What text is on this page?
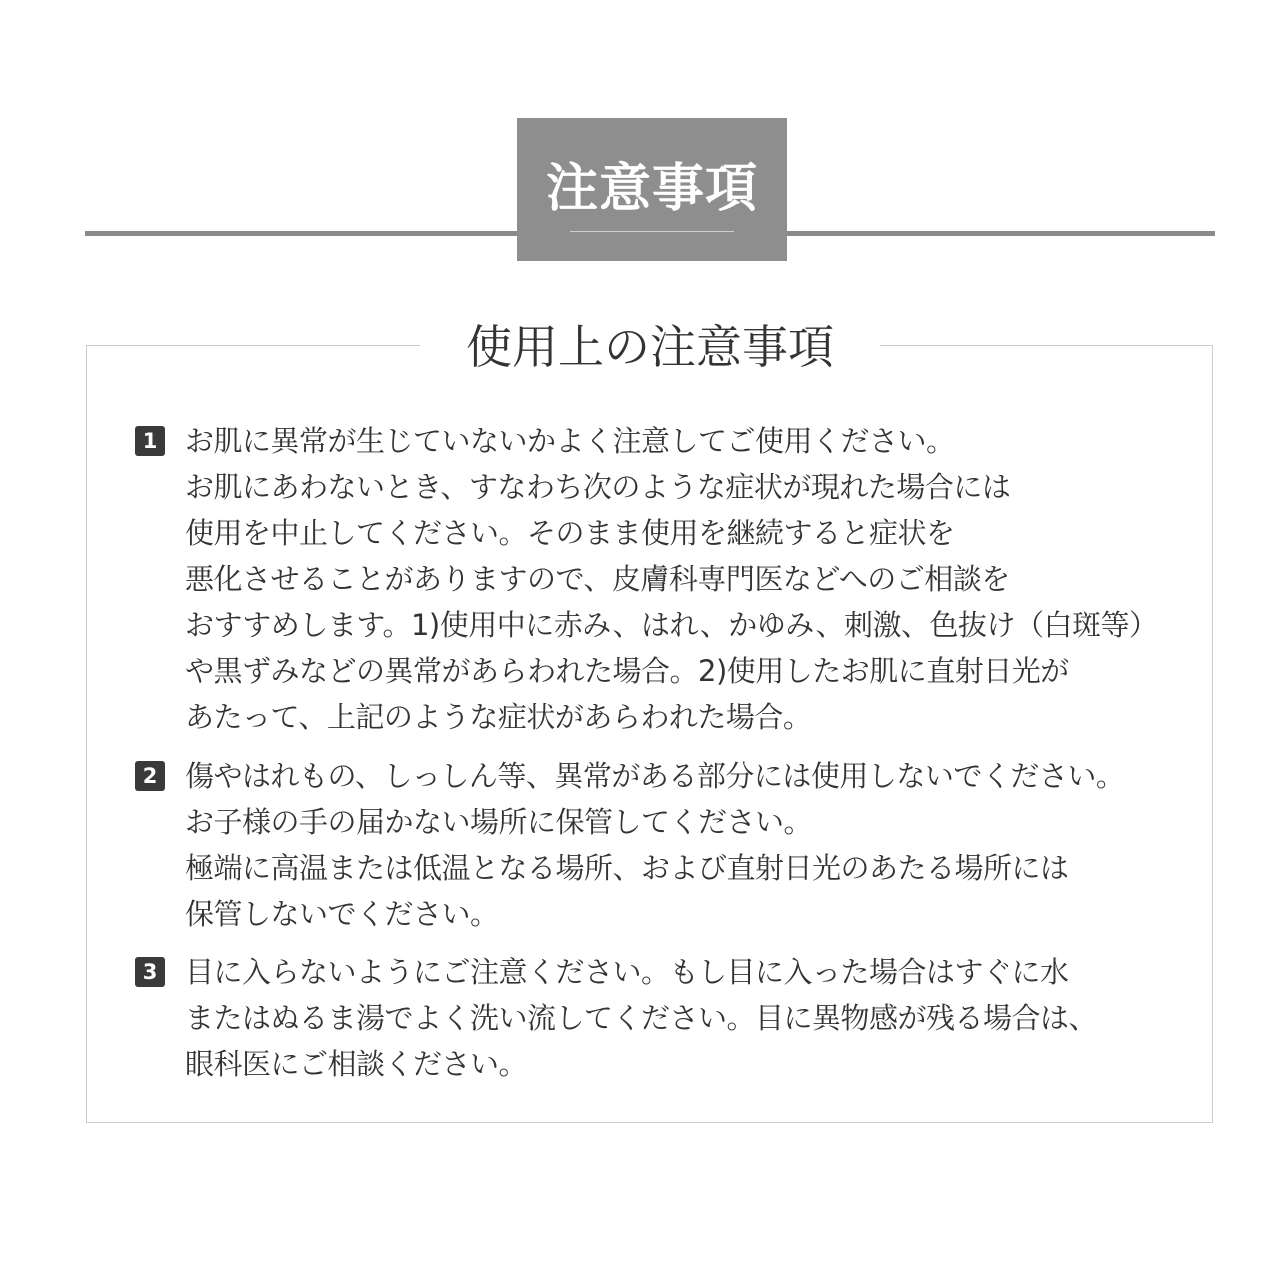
注意事項
使用上の注意事項
1 お肌に異常が生じていないかよく注意してご使用ください。
お肌にあわないとき、すなわち次のような症状が現れた場合には
使用を中止してください。そのまま使用を継続すると症状を
悪化させることがありますので、皮膚科専門医などへのご相談を
おすすめします。1)使用中に赤み、はれ、かゆみ、刺激、色抜け（白斑等）
や黒ずみなどの異常があらわれた場合。2)使用したお肌に直射日光が
あたって、上記のような症状があらわれた場合。
2 傷やはれもの、しっしん等、異常がある部分には使用しないでください。
お子様の手の届かない場所に保管してください。
極端に高温または低温となる場所、および直射日光のあたる場所には
保管しないでください。
3 目に入らないようにご注意ください。もし目に入った場合はすぐに水
またはぬるま湯でよく洗い流してください。目に異物感が残る場合は、
眼科医にご相談ください。
